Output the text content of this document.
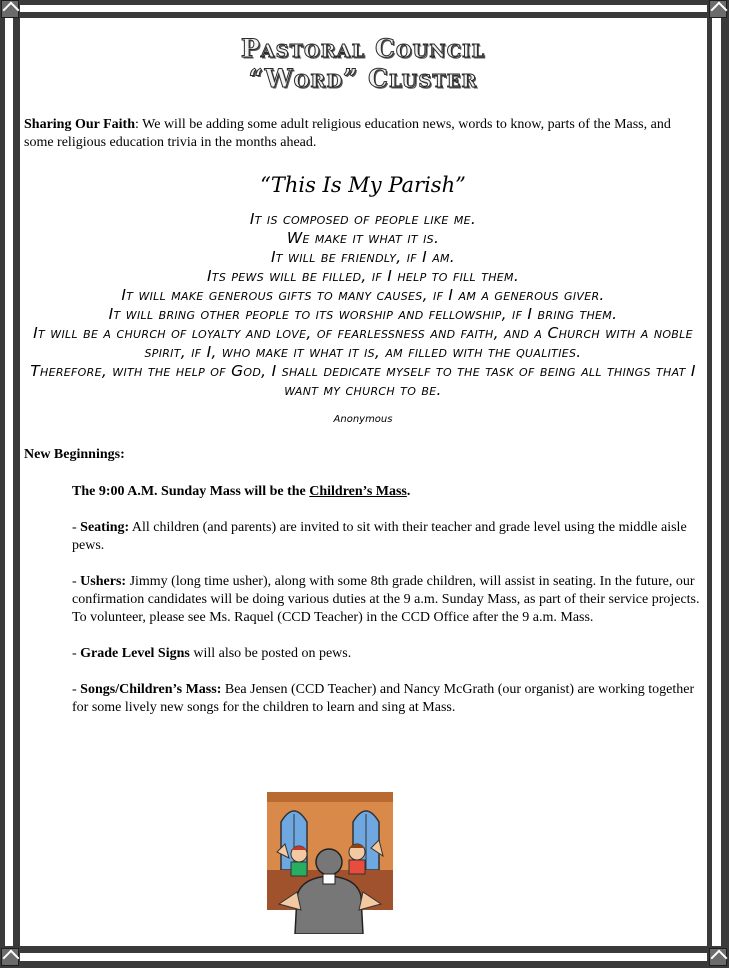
Pastoral Council
“Word” Cluster
Sharing Our Faith: We will be adding some adult religious education news, words to know, parts of the Mass, and some religious education trivia in the months ahead.
“This Is My Parish”
It is composed of people like me.
We make it what it is.
It will be friendly, if I am.
Its pews will be filled, if I help to fill them.
It will make generous gifts to many causes, if I am a generous giver.
It will bring other people to its worship and fellowship, if I bring them.
It will be a church of loyalty and love, of fearlessness and faith, and a Church with a noble spirit, if I, who make it what it is, am filled with the qualities.
Therefore, with the help of God, I shall dedicate myself to the task of being all things that I want my church to be.
Anonymous
New Beginnings:
The 9:00 A.M. Sunday Mass will be the Children’s Mass.
- Seating: All children (and parents) are invited to sit with their teacher and grade level using the middle aisle pews.
- Ushers: Jimmy (long time usher), along with some 8th grade children, will assist in seating. In the future, our confirmation candidates will be doing various duties at the 9 a.m. Sunday Mass, as part of their service projects. To volunteer, please see Ms. Raquel (CCD Teacher) in the CCD Office after the 9 a.m. Mass.
- Grade Level Signs will also be posted on pews.
- Songs/Children’s Mass: Bea Jensen (CCD Teacher) and Nancy McGrath (our organist) are working together for some lively new songs for the children to learn and sing at Mass.
